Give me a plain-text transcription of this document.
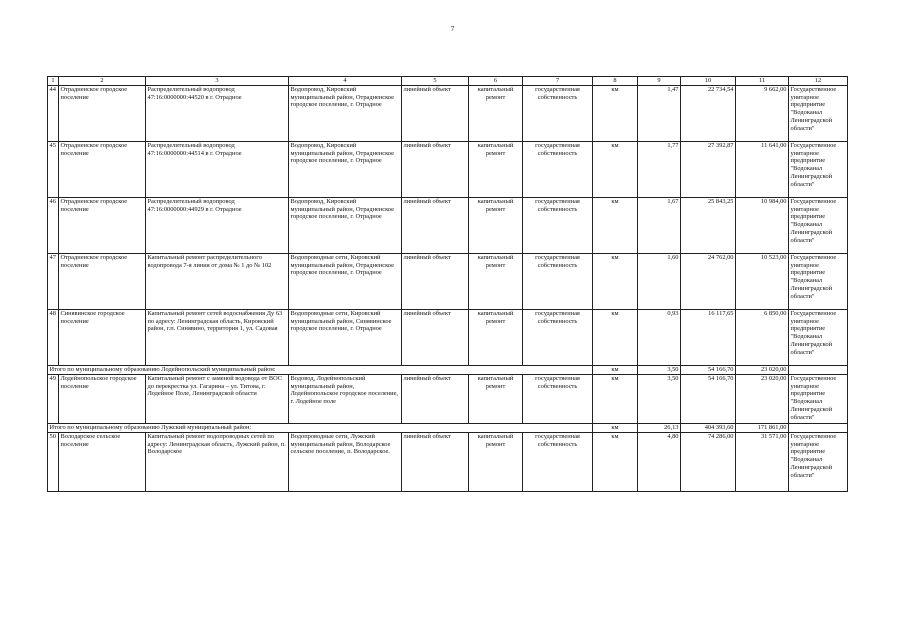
7
1	2	3	4	5	6	7	8	9	10	11	12
44	Отрадненское городское поселение	Распределительный водопровод 47:16:0000000:44520 в г. Отрадное	Водопровод, Кировский муниципальный район, Отрадненское городское поселение, г. Отрадное	линейный объект	капитальный ремонт	государственная собственность	км	1,47	22 734,54	9 662,00	Государственное унитарное предприятие "Водоканал Ленинградской области"
45	Отрадненское городское поселение	Распределительный водопровод 47:16:0000000:44514 в г. Отрадное	Водопровод, Кировский муниципальный район, Отрадненское городское поселение, г. Отрадное	линейный объект	капитальный ремонт	государственная собственность	км	1,77	27 392,87	11 641,00	Государственное унитарное предприятие "Водоканал Ленинградской области"
46	Отрадненское городское поселение	Распределительный водопровод 47:16:0000000:44929 в г. Отрадное	Водопровод, Кировский муниципальный район, Отрадненское городское поселение, г. Отрадное	линейный объект	капитальный ремонт	государственная собственность	км	1,67	25 843,25	10 984,00	Государственное унитарное предприятие "Водоканал Ленинградской области"
47	Отрадненское городское поселение	Капитальный ремонт распределительного водопровода 7-я линия от дома № 1 до № 102	Водопроводные сети, Кировский муниципальный район, Отрадненское городское поселение, г. Отрадное	линейный объект	капитальный ремонт	государственная собственность	км	1,60	24 762,00	10 523,00	Государственное унитарное предприятие "Водоканал Ленинградской области"
48	Синявинское городское поселение	Капитальный ремонт сетей водоснабжения Ду 63 по адресу: Ленинградская область, Кировский район, г.п. Синявино, территория 1, ул. Садовая	Водопроводные сети, Кировский муниципальный район, Синявинское городское поселение, г. Отрадное	линейный объект	капитальный ремонт	государственная собственность	км	0,93	16 117,65	6 850,00	Государственное унитарное предприятие "Водоканал Ленинградской области"
Итого по муниципальному образованию Лодейнопольский муниципальный район:							км	3,50	54 166,70	23 020,00	
49	Лодейнопольское городское поселение	Капитальный ремонт с заменой водовода от ВОС до перекрестка ул. Гагарина – ул. Титова, г. Лодейное Поле, Ленинградской области	Водовод, Лодейнопольский муниципальный район, Лодейнопольское городское поселение, г. Лодейное поле	линейный объект	капитальный ремонт	государственная собственность	км	3,50	54 166,70	23 020,00	Государственное унитарное предприятие "Водоканал Ленинградской области"
Итого по муниципальному образованию Лужский муниципальный район:							км	26,13	404 393,60	171 861,00	
50	Володарское сельское поселение	Капитальный ремонт водопроводных сетей по адресу: Ленинградская область, Лужский район, п. Володарское	Водопроводные сети, Лужский муниципальный район, Володарское сельское поселение, п. Володарское.	линейный объект	капитальный ремонт	государственная собственность	км	4,80	74 286,00	31 571,00	Государственное унитарное предприятие "Водоканал Ленинградской области"
